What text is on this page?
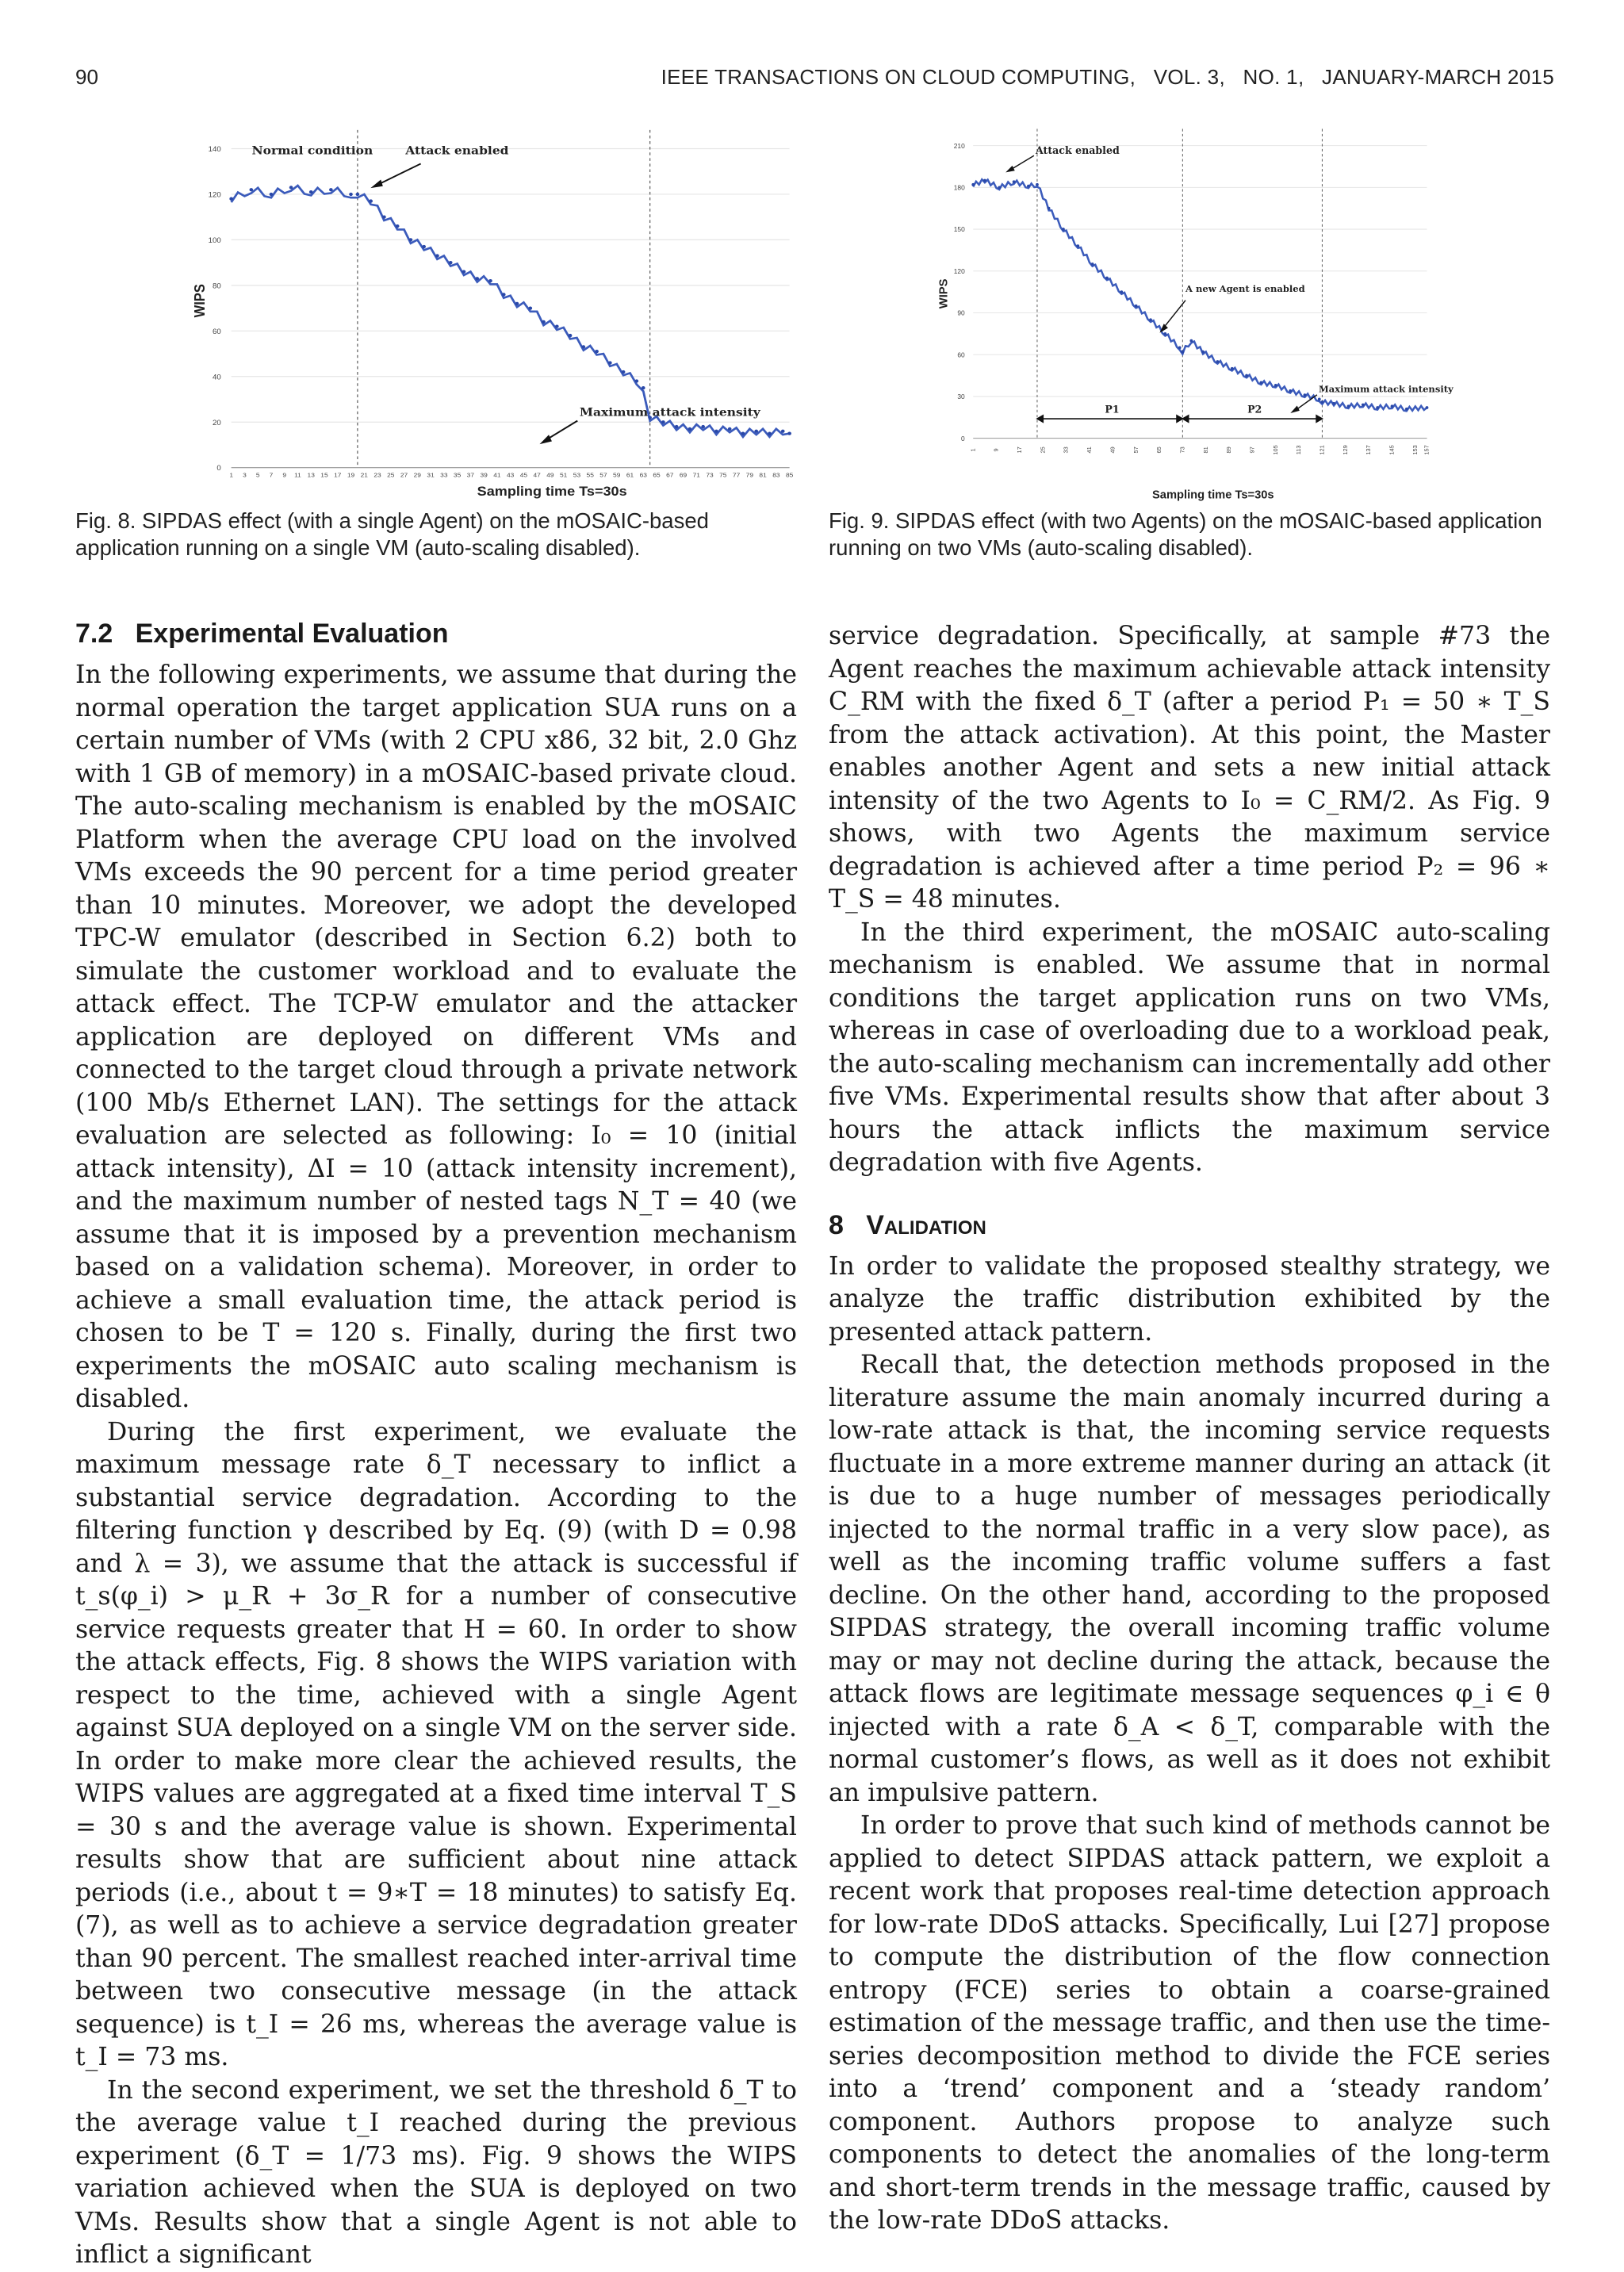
90	IEEE TRANSACTIONS ON CLOUD COMPUTING,   VOL. 3,   NO. 1,   JANUARY-MARCH 2015
0
20
40
60
80
100
120
140
1 3 5 7 9 11 13 15 17 19 21 23 25 27 29 31 33 35 37 39 41 43 45 47 49 51 53 55 57 59 61 63 65 67 69 71 73 75 77 79 81 83 85
WIPS
Sampling time Ts=30s
Normal condition	Attack enabled
Maximum attack intensity
0
30
60
90
120
150
180
210
1	9	17	25	33	41	49	57	65	73	81	89	97	105	113	121	129	137	145	153 157
WIPS
Sampling time Ts=30s
Attack enabled
A new Agent is enabled
Maximum attack intensity
P1	P2
Fig. 8. SIPDAS effect (with a single Agent) on the mOSAIC-based application running on a single VM (auto-scaling disabled).
Fig. 9. SIPDAS effect (with two Agents) on the mOSAIC-based application running on two VMs (auto-scaling disabled).
7.2   Experimental Evaluation

In the following experiments, we assume that during the normal operation the target application SUA runs on a certain number of VMs (with 2 CPU x86, 32 bit, 2.0 Ghz with 1 GB of memory) in a mOSAIC-based private cloud. The auto-scaling mechanism is enabled by the mOSAIC Platform when the average CPU load on the involved VMs exceeds the 90 percent for a time period greater than 10 minutes. Moreover, we adopt the developed TPC-W emulator (described in Section 6.2) both to simulate the customer workload and to evaluate the attack effect. The TCP-W emulator and the attacker application are deployed on different VMs and connected to the target cloud through a private network (100 Mb/s Ethernet LAN). The settings for the attack evaluation are selected as following: I₀ = 10 (initial attack intensity), ΔI = 10 (attack intensity increment), and the maximum number of nested tags N_T = 40 (we assume that it is imposed by a prevention mechanism based on a validation schema). Moreover, in order to achieve a small evaluation time, the attack period is chosen to be T = 120 s. Finally, during the first two experiments the mOSAIC auto scaling mechanism is disabled.

During the first experiment, we evaluate the maximum message rate δ_T necessary to inflict a substantial service degradation. According to the filtering function γ described by Eq. (9) (with D = 0.98 and λ = 3), we assume that the attack is successful if t_s(φ_i) > μ_R + 3σ_R for a number of consecutive service requests greater that H = 60. In order to show the attack effects, Fig. 8 shows the WIPS variation with respect to the time, achieved with a single Agent against SUA deployed on a single VM on the server side. In order to make more clear the achieved results, the WIPS values are aggregated at a fixed time interval T_S = 30 s and the average value is shown. Experimental results show that are sufficient about nine attack periods (i.e., about t = 9∗T = 18 minutes) to satisfy Eq. (7), as well as to achieve a service degradation greater than 90 percent. The smallest reached inter-arrival time between two consecutive message (in the attack sequence) is t_I = 26 ms, whereas the average value is t_I = 73 ms.

In the second experiment, we set the threshold δ_T to the average value t_I reached during the previous experiment (δ_T = 1/73 ms). Fig. 9 shows the WIPS variation achieved when the SUA is deployed on two VMs. Results show that a single Agent is not able to inflict a significant

service degradation. Specifically, at sample #73 the Agent reaches the maximum achievable attack intensity C_RM with the fixed δ_T (after a period P₁ = 50 ∗ T_S from the attack activation). At this point, the Master enables another Agent and sets a new initial attack intensity of the two Agents to I₀ = C_RM/2. As Fig. 9 shows, with two Agents the maximum service degradation is achieved after a time period P₂ = 96 ∗ T_S = 48 minutes.

In the third experiment, the mOSAIC auto-scaling mechanism is enabled. We assume that in normal conditions the target application runs on two VMs, whereas in case of overloading due to a workload peak, the auto-scaling mechanism can incrementally add other five VMs. Experimental results show that after about 3 hours the attack inflicts the maximum service degradation with five Agents.

8 Validation

In order to validate the proposed stealthy strategy, we analyze the traffic distribution exhibited by the presented attack pattern.

Recall that, the detection methods proposed in the literature assume the main anomaly incurred during a low-rate attack is that, the incoming service requests fluctuate in a more extreme manner during an attack (it is due to a huge number of messages periodically injected to the normal traffic in a very slow pace), as well as the incoming traffic volume suffers a fast decline. On the other hand, according to the proposed SIPDAS strategy, the overall incoming traffic volume may or may not decline during the attack, because the attack flows are legitimate message sequences φ_i ∈ θ injected with a rate δ_A < δ_T, comparable with the normal customer’s flows, as well as it does not exhibit an impulsive pattern.

In order to prove that such kind of methods cannot be applied to detect SIPDAS attack pattern, we exploit a recent work that proposes real-time detection approach for low-rate DDoS attacks. Specifically, Lui [27] propose to compute the distribution of the flow connection entropy (FCE) series to obtain a coarse-grained estimation of the message traffic, and then use the time-series decomposition method to divide the FCE series into a ‘trend’ component and a ‘steady random’ component. Authors propose to analyze such components to detect the anomalies of the long-term and short-term trends in the message traffic, caused by the low-rate DDoS attacks.
